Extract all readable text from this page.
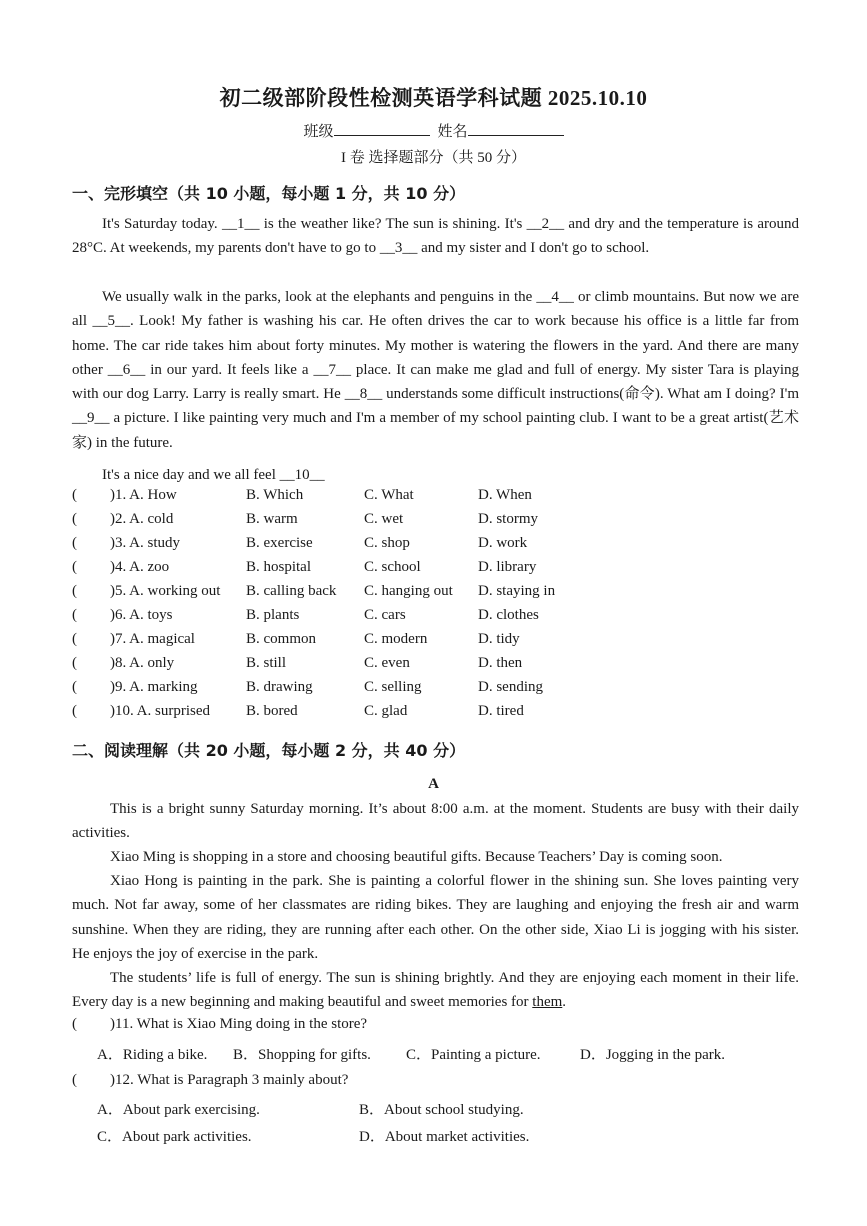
初二级部阶段性检测英语学科试题 2025.10.10
班级	姓名
I 卷 选择题部分（共 50 分）
一、完形填空（共 10 小题，每小题 1 分，共 10 分）
It's Saturday today. __1__ is the weather like? The sun is shining. It's __2__ and dry and the temperature is around 28°C. At weekends, my parents don't have to go to __3__ and my sister and I don't go to school.
We usually walk in the parks, look at the elephants and penguins in the __4__ or climb mountains. But now we are all __5__. Look! My father is washing his car. He often drives the car to work because his office is a little far from home. The car ride takes him about forty minutes. My mother is watering the flowers in the yard. And there are many other __6__ in our yard. It feels like a __7__ place. It can make me glad and full of energy. My sister Tara is playing with our dog Larry. Larry is really smart. He __8__ understands some difficult instructions(命令). What am I doing? I'm __9__ a picture. I like painting very much and I'm a member of my school painting club. I want to be a great artist(艺术家) in the future.
It's a nice day and we all feel __10__
( )1. A. How	B. Which	C. What	D. When
( )2. A. cold	B. warm	C. wet	D. stormy
( )3. A. study	B. exercise	C. shop	D. work
( )4. A. zoo	B. hospital	C. school	D. library
( )5. A. working out B. calling back C. hanging out D. staying in
( )6. A. toys	B. plants	C. cars	D. clothes
( )7. A. magical	B. common	C. modern	D. tidy
( )8. A. only	B. still	C. even	D. then
( )9. A. marking	B. drawing	C. selling	D. sending
( )10. A. surprised B. bored	C. glad	D. tired
二、阅读理解（共 20 小题，每小题 2 分，共 40 分）
A
This is a bright sunny Saturday morning. It’s about 8:00 a.m. at the moment. Students are busy with their daily activities.
Xiao Ming is shopping in a store and choosing beautiful gifts. Because Teachers’ Day is coming soon.
Xiao Hong is painting in the park. She is painting a colorful flower in the shining sun. She loves painting very much. Not far away, some of her classmates are riding bikes. They are laughing and enjoying the fresh air and warm sunshine. When they are riding, they are running after each other. On the other side, Xiao Li is jogging with his sister. He enjoys the joy of exercise in the park.
The students’ life is full of energy. The sun is shining brightly. And they are enjoying each moment in their life. Every day is a new beginning and making beautiful and sweet memories for them.
( )11. What is Xiao Ming doing in the store?
A．Riding a bike. B．Shopping for gifts. C．Painting a picture.	D．Jogging in the park.
( )12. What is Paragraph 3 mainly about?
A．About park exercising.	B．About school studying.
C．About park activities.	D．About market activities.
